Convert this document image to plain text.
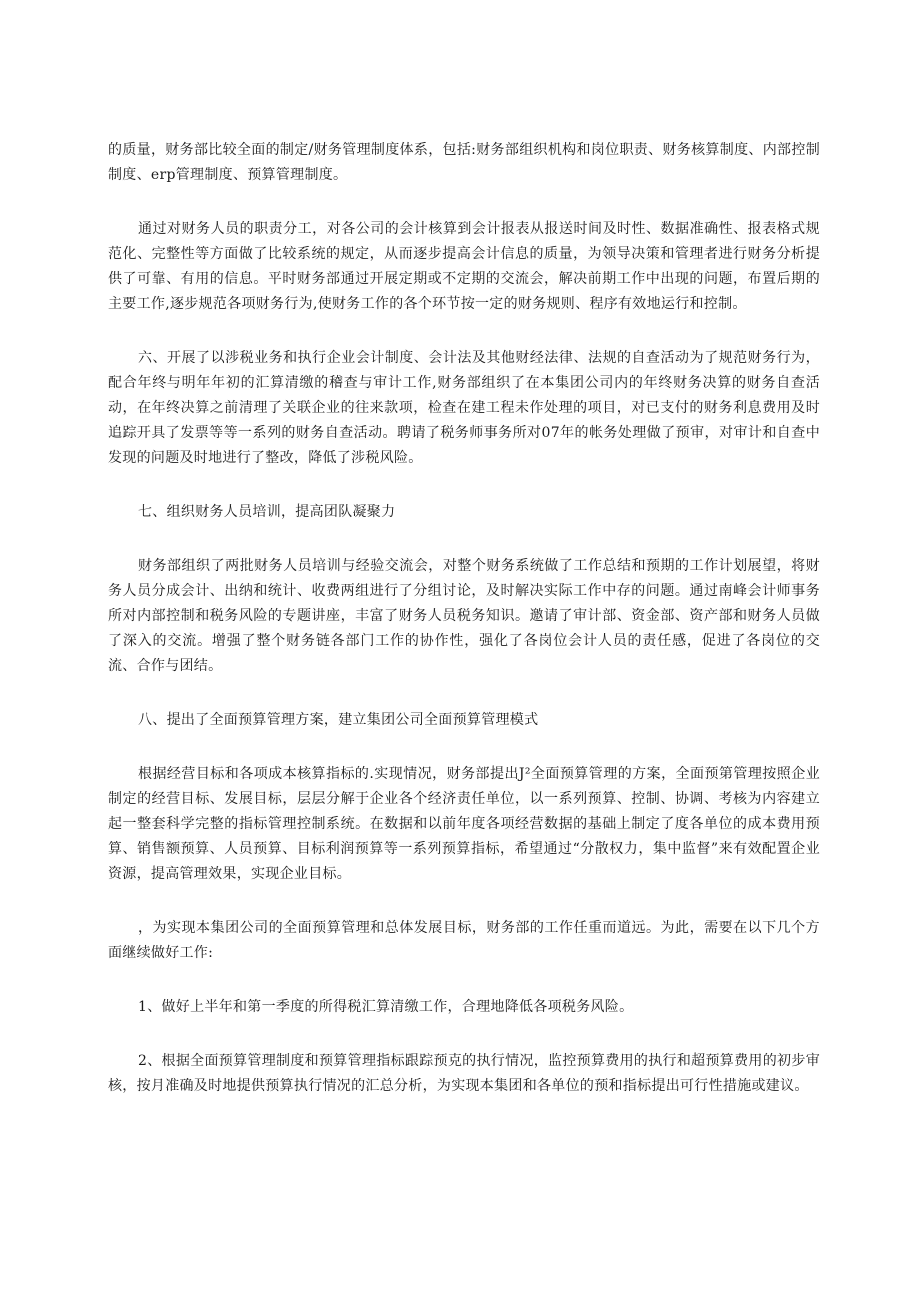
的质量，财务部比较全面的制定/财务管理制度体系，包括:财务部组织机构和岗位职责、财务核算制度、内部控制制度、erp管理制度、预算管理制度。

通过对财务人员的职责分工，对各公司的会计核算到会计报表从报送时间及时性、数据准确性、报表格式规范化、完整性等方面做了比较系统的规定，从而逐步提高会计信息的质量，为领导决策和管理者进行财务分析提供了可靠、有用的信息。平时财务部通过开展定期或不定期的交流会，解决前期工作中出现的问题，布置后期的主要工作,逐步规范各项财务行为,使财务工作的各个环节按一定的财务规则、程序有效地运行和控制。

六、开展了以涉税业务和执行企业会计制度、会计法及其他财经法律、法规的自查活动为了规范财务行为，配合年终与明年年初的汇算清缴的稽查与审计工作,财务部组织了在本集团公司内的年终财务决算的财务自查活动，在年终决算之前清理了关联企业的往来款项，检查在建工程未作处理的项目，对已支付的财务利息费用及时追踪开具了发票等等一系列的财务自查活动。聘请了税务师事务所对07年的帐务处理做了预审，对审计和自查中发现的问题及时地进行了整改，降低了涉税风险。

七、组织财务人员培训，提高团队凝聚力

财务部组织了两批财务人员培训与经验交流会，对整个财务系统做了工作总结和预期的工作计划展望，将财务人员分成会计、出纳和统计、收费两组进行了分组讨论，及时解决实际工作中存的问题。通过南峰会计师事务所对内部控制和税务风险的专题讲座，丰富了财务人员税务知识。邀请了审计部、资金部、资产部和财务人员做了深入的交流。增强了整个财务链各部门工作的协作性，强化了各岗位会计人员的责任感，促进了各岗位的交流、合作与团结。

八、提出了全面预算管理方案，建立集团公司全面预算管理模式

根据经营目标和各项成本核算指标的.实现情况，财务部提出J²全面预算管理的方案，全面预第管理按照企业制定的经营目标、发展目标，层层分解于企业各个经济责任单位，以一系列预算、控制、协调、考核为内容建立起一整套科学完整的指标管理控制系统。在数据和以前年度各项经营数据的基础上制定了度各单位的成本费用预算、销售额预算、人员预算、目标利润预算等一系列预算指标，希望通过“分散权力，集中监督”来有效配置企业资源，提高管理效果，实现企业目标。

，为实现本集团公司的全面预算管理和总体发展目标，财务部的工作任重而道远。为此，需要在以下几个方面继续做好工作:

1、做好上半年和第一季度的所得税汇算清缴工作，合理地降低各项税务风险。

2、根据全面预算管理制度和预算管理指标跟踪预克的执行情况，监控预算费用的执行和超预算费用的初步审核，按月准确及时地提供预算执行情况的汇总分析，为实现本集团和各单位的预和指标提出可行性措施或建议。
